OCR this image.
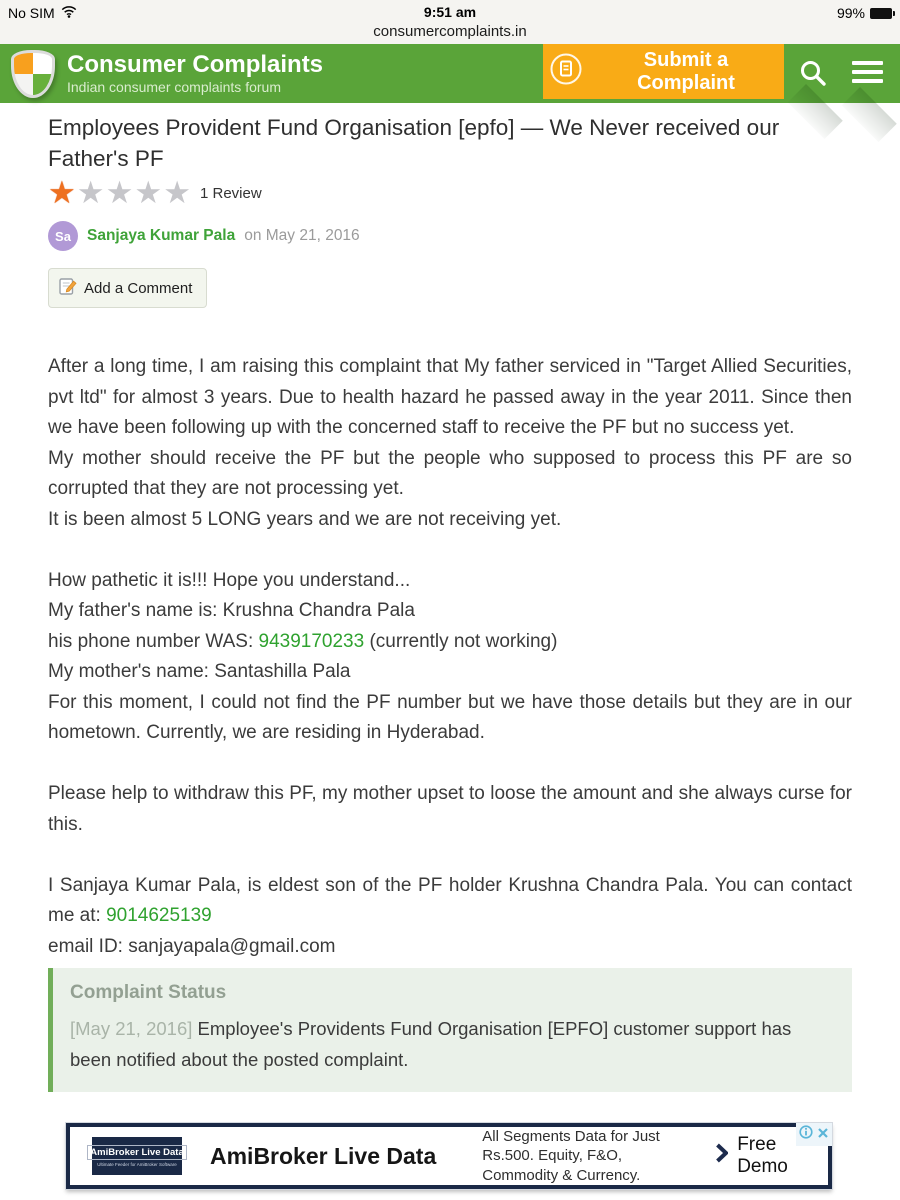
No SIM	9:51 am	99%
consumercomplaints.in
Consumer Complaints
Indian consumer complaints forum
Submit a Complaint
Employees Provident Fund Organisation [epfo] — We Never received our Father's PF
★
★
★
★
★
1 Review
Sa	Sanjaya Kumar Pala on May 21, 2016
Add a Comment
After a long time, I am raising this complaint that My father serviced in "Target Allied Securities, pvt ltd" for almost 3 years. Due to health hazard he passed away in the year 2011. Since then we have been following up with the concerned staff to receive the PF but no success yet.
My mother should receive the PF but the people who supposed to process this PF are so corrupted that they are not processing yet.
It is been almost 5 LONG years and we are not receiving yet.
How pathetic it is!!! Hope you understand...
My father's name is: Krushna Chandra Pala
his phone number WAS: 9439170233 (currently not working)
My mother's name: Santashilla Pala
For this moment, I could not find the PF number but we have those details but they are in our hometown. Currently, we are residing in Hyderabad.
Please help to withdraw this PF, my mother upset to loose the amount and she always curse for this.
I Sanjaya Kumar Pala, is eldest son of the PF holder Krushna Chandra Pala. You can contact me at: 9014625139
email ID: sanjayapala@gmail.com
Complaint Status
[May 21, 2016] Employee's Providents Fund Organisation [EPFO] customer support has been notified about the posted complaint.
AmiBroker Live Data
Ultimate Feeder for AmiBroker Software AmiBroker Live Data
All Segments Data for Just Rs.500. Equity, F&O, Commodity & Currency.
Free Demo
